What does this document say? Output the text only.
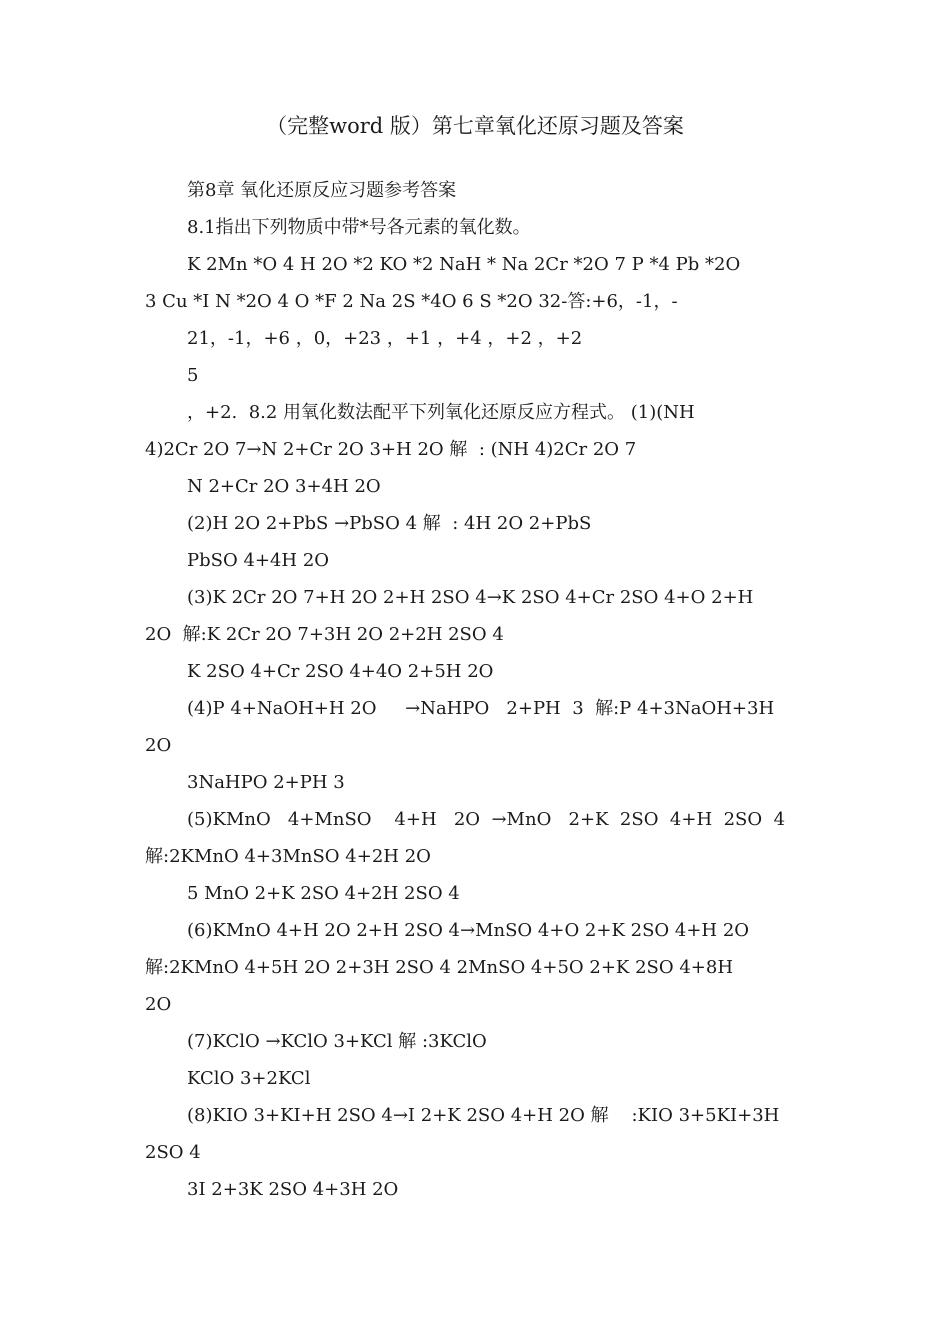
（完整word 版）第七章氧化还原习题及答案
第8章 氧化还原反应习题参考答案
8.1指出下列物质中带*号各元素的氧化数。
K 2Mn *O 4 H 2O *2 KO *2 NaH * Na 2Cr *2O 7 P *4 Pb *2O
3 Cu *I N *2O 4 O *F 2 Na 2S *4O 6 S *2O 32-答:+6，-1，-
21，-1，+6 ，0，+23 ，+1 ，+4 ，+2 ，+2
5
，+2.  8.2 用氧化数法配平下列氧化还原反应方程式。 (1)(NH
4)2Cr 2O 7→N 2+Cr 2O 3+H 2O 解  : (NH 4)2Cr 2O 7
N 2+Cr 2O 3+4H 2O
(2)H 2O 2+PbS →PbSO 4 解  : 4H 2O 2+PbS
PbSO 4+4H 2O
(3)K 2Cr 2O 7+H 2O 2+H 2SO 4→K 2SO 4+Cr 2SO 4+O 2+H
2O  解:K 2Cr 2O 7+3H 2O 2+2H 2SO 4
K 2SO 4+Cr 2SO 4+4O 2+5H 2O
(4)P 4+NaOH+H 2O     →NaHPO   2+PH  3  解:P 4+3NaOH+3H
2O
3NaHPO 2+PH 3
(5)KMnO   4+MnSO    4+H   2O  →MnO   2+K  2SO  4+H  2SO  4
解:2KMnO 4+3MnSO 4+2H 2O
5 MnO 2+K 2SO 4+2H 2SO 4
(6)KMnO 4+H 2O 2+H 2SO 4→MnSO 4+O 2+K 2SO 4+H 2O
解:2KMnO 4+5H 2O 2+3H 2SO 4 2MnSO 4+5O 2+K 2SO 4+8H
2O
(7)KClO →KClO 3+KCl 解 :3KClO
KClO 3+2KCl
(8)KIO 3+KI+H 2SO 4→I 2+K 2SO 4+H 2O 解    :KIO 3+5KI+3H
2SO 4
3I 2+3K 2SO 4+3H 2O
